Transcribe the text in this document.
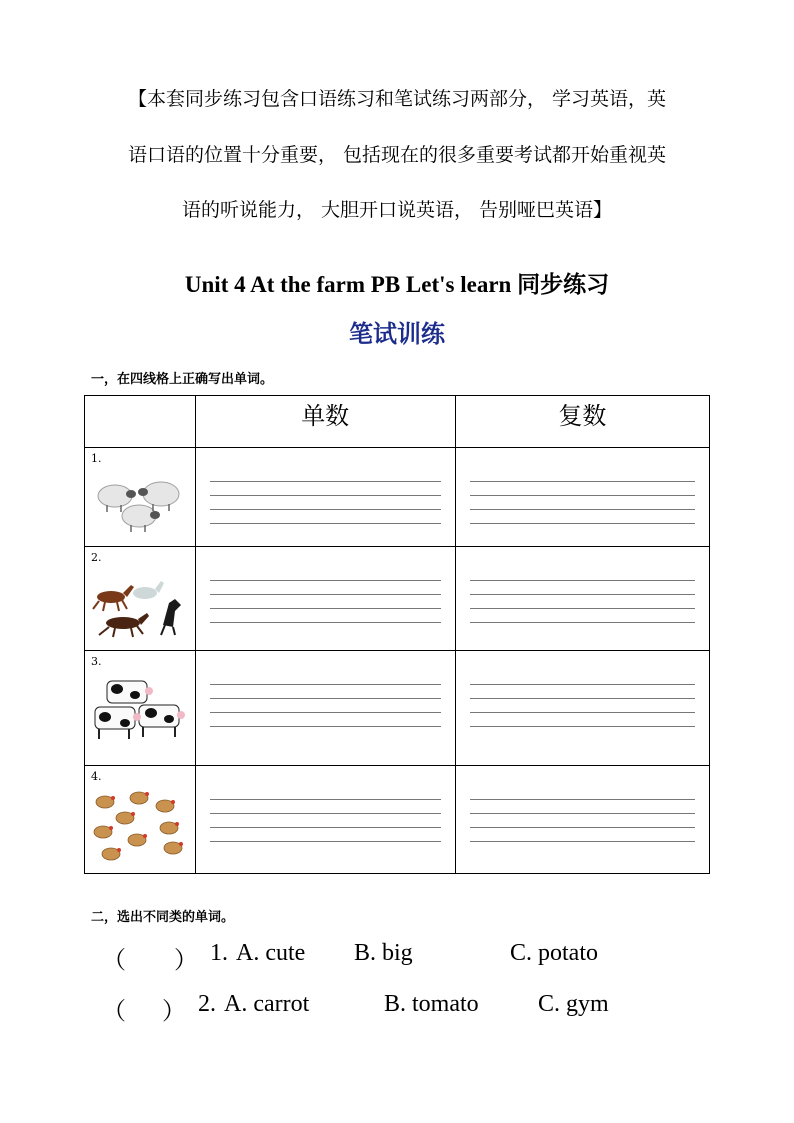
【本套同步练习包含口语练习和笔试练习两部分， 学习英语，英
语口语的位置十分重要， 包括现在的很多重要考试都开始重视英
语的听说能力， 大胆开口说英语， 告别哑巴英语】
Unit 4 At the farm PB Let's learn 同步练习
笔试训练
一，在四线格上正确写出单词。
	单数	复数

1.		

2.		

3.		

4.		

二，选出不同类的单词。
（        ） 1. A. cute B. big	C. potato
（      ） 2. A. carrot	B. tomato C. gym
